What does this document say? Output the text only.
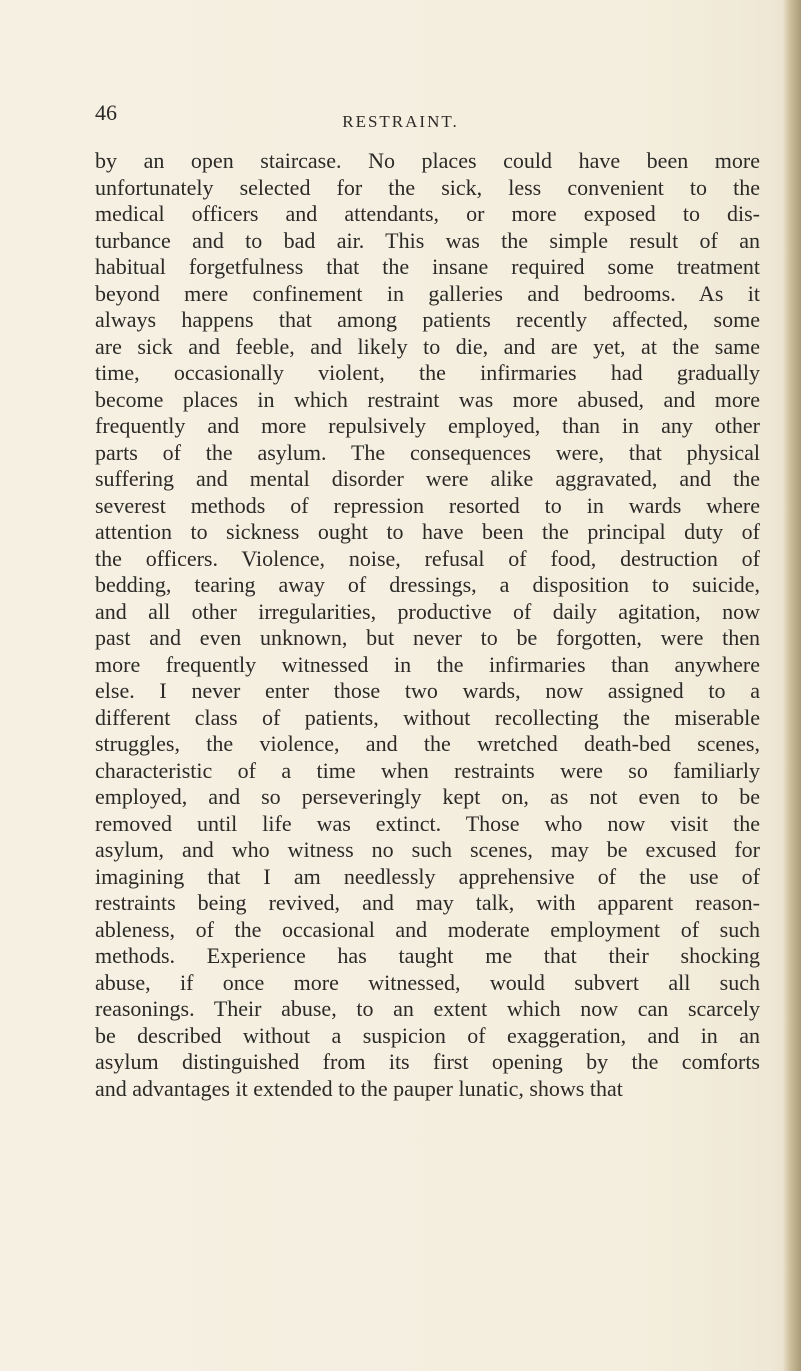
46	RESTRAINT.
by an open staircase. No places could have been more
unfortunately selected for the sick, less convenient to the
medical officers and attendants, or more exposed to dis-
turbance and to bad air. This was the simple result of an
habitual forgetfulness that the insane required some treatment
beyond mere confinement in galleries and bedrooms. As it
always happens that among patients recently affected, some
are sick and feeble, and likely to die, and are yet, at the same
time, occasionally violent, the infirmaries had gradually
become places in which restraint was more abused, and more
frequently and more repulsively employed, than in any other
parts of the asylum. The consequences were, that physical
suffering and mental disorder were alike aggravated, and the
severest methods of repression resorted to in wards where
attention to sickness ought to have been the principal duty of
the officers. Violence, noise, refusal of food, destruction of
bedding, tearing away of dressings, a disposition to suicide,
and all other irregularities, productive of daily agitation, now
past and even unknown, but never to be forgotten, were then
more frequently witnessed in the infirmaries than anywhere
else. I never enter those two wards, now assigned to a
different class of patients, without recollecting the miserable
struggles, the violence, and the wretched death-bed scenes,
characteristic of a time when restraints were so familiarly
employed, and so perseveringly kept on, as not even to be
removed until life was extinct. Those who now visit the
asylum, and who witness no such scenes, may be excused for
imagining that I am needlessly apprehensive of the use of
restraints being revived, and may talk, with apparent reason-
ableness, of the occasional and moderate employment of such
methods. Experience has taught me that their shocking
abuse, if once more witnessed, would subvert all such
reasonings. Their abuse, to an extent which now can scarcely
be described without a suspicion of exaggeration, and in an
asylum distinguished from its first opening by the comforts
and advantages it extended to the pauper lunatic, shows that
